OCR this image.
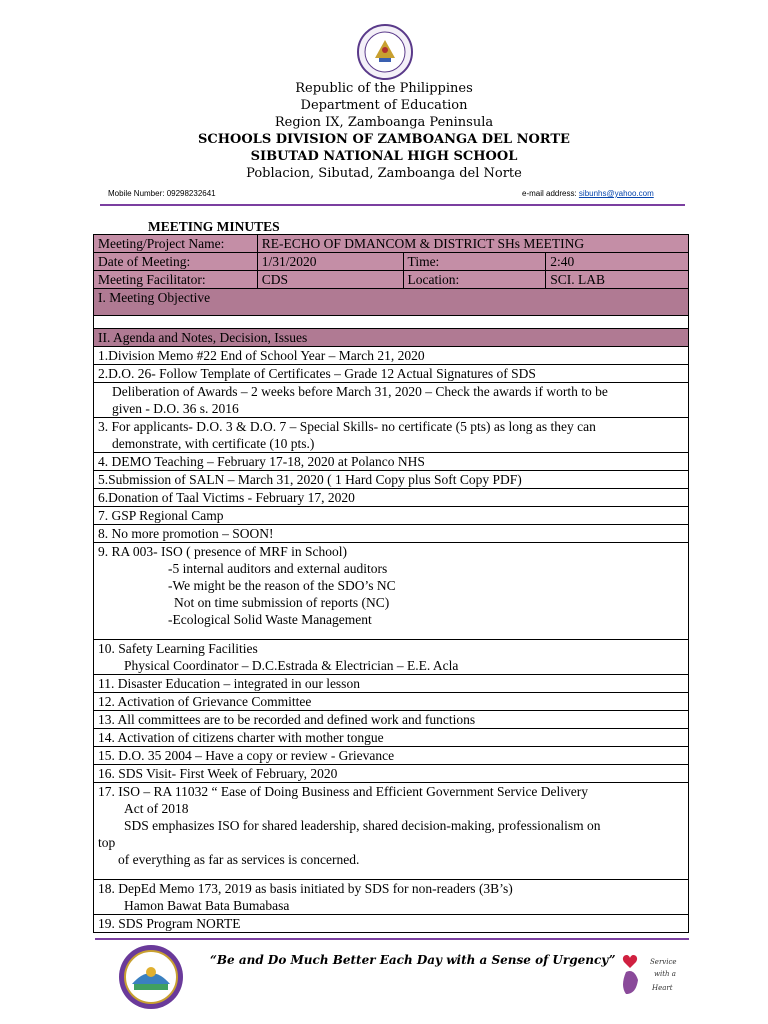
Republic of the Philippines
Department of Education
Region IX, Zamboanga Peninsula
SCHOOLS DIVISION OF ZAMBOANGA DEL NORTE
SIBUTAD NATIONAL HIGH SCHOOL
Poblacion, Sibutad, Zamboanga del Norte
Mobile Number: 09298232641	e-mail address: sibunhs@yahoo.com
MEETING MINUTES
Meeting/Project Name:	RE-ECHO OF DMANCOM & DISTRICT SHs MEETING		
Date of Meeting:	1/31/2020	Time:	2:40
Meeting Facilitator:	CDS	Location:	SCI. LAB
I. Meeting Objective			

II. Agenda and Notes, Decision, Issues			
1.Division Memo #22 End of School Year – March 21, 2020			
2.D.O. 26- Follow Template of Certificates – Grade 12 Actual Signatures of SDS			

Deliberation of Awards – 2 weeks before March 31, 2020 – Check the awards if worth to be
given - D.O. 36 s. 2016			

3. For applicants- D.O. 3 & D.O. 7 – Special Skills- no certificate (5 pts) as long as they can
demonstrate, with certificate (10 pts.)			

4. DEMO Teaching – February 17-18, 2020 at Polanco NHS			
5.Submission of SALN – March 31, 2020 ( 1 Hard Copy plus Soft Copy PDF)			
6.Donation of Taal Victims - February 17, 2020			
7. GSP Regional Camp			
8. No more promotion – SOON!			
9. RA 003- ISO ( presence of MRF in School)
-5 internal auditors and external auditors
-We might be the reason of the SDO’s NC
Not on time submission of reports (NC)
-Ecological Solid Waste Management			

10. Safety Learning Facilities
Physical Coordinator – D.C.Estrada & Electrician – E.E. Acla			

11. Disaster Education – integrated in our lesson			
12. Activation of Grievance Committee			
13. All committees are to be recorded and defined work and functions			
14. Activation of citizens charter with mother tongue			
15. D.O. 35 2004 – Have a copy or review - Grievance			
16. SDS Visit- First Week of February, 2020			
17. ISO – RA 11032 “ Ease of Doing Business and Efficient Government Service Delivery
Act of 2018
SDS emphasizes ISO for shared leadership, shared decision-making, professionalism on
top
of everything as far as services is concerned.			

18. DepEd Memo 173, 2019 as basis initiated by SDS for non-readers (3B’s)
Hamon Bawat Bata Bumabasa			

19. SDS Program NORTE			
“Be and Do Much Better Each Day with a Sense of Urgency”	Service
with a
Heart
